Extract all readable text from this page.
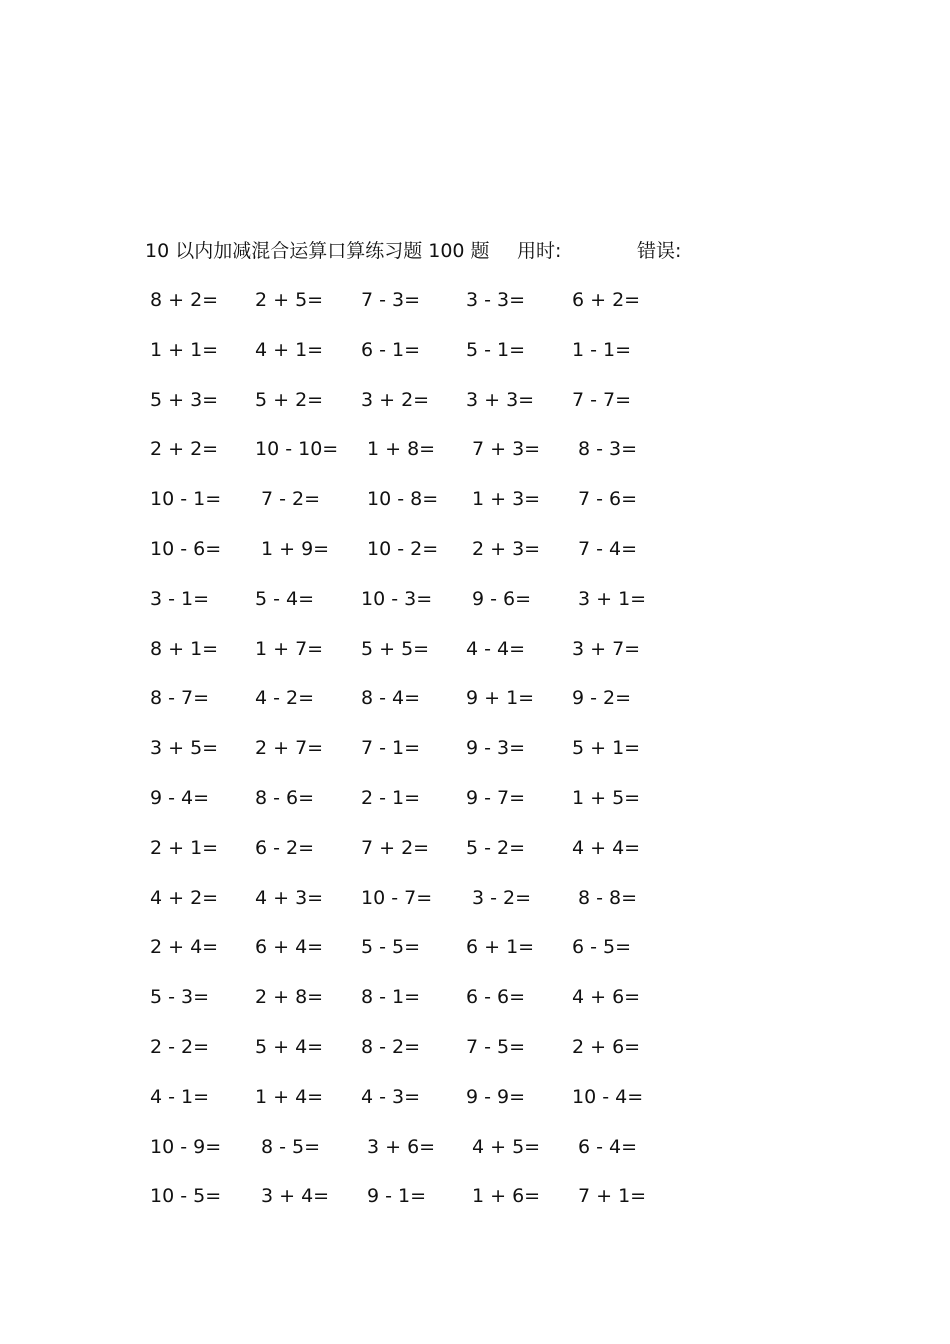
10 以内加减混合运算口算练习题 100 题 用时:	错误:
8 + 2= 2 + 5= 7 - 3= 3 - 3= 6 + 2=
1 + 1= 4 + 1= 6 - 1= 5 - 1= 1 - 1=
5 + 3= 5 + 2= 3 + 2= 3 + 3= 7 - 7=
2 + 2= 10 - 10= 1 + 8= 7 + 3= 8 - 3=
10 - 1= 7 - 2= 10 - 8= 1 + 3= 7 - 6=
10 - 6= 1 + 9= 10 - 2= 2 + 3= 7 - 4=
3 - 1= 5 - 4= 10 - 3= 9 - 6= 3 + 1=
8 + 1= 1 + 7= 5 + 5= 4 - 4= 3 + 7=
8 - 7= 4 - 2= 8 - 4= 9 + 1= 9 - 2=
3 + 5= 2 + 7= 7 - 1= 9 - 3= 5 + 1=
9 - 4= 8 - 6= 2 - 1= 9 - 7= 1 + 5=
2 + 1= 6 - 2= 7 + 2= 5 - 2= 4 + 4=
4 + 2= 4 + 3= 10 - 7= 3 - 2= 8 - 8=
2 + 4= 6 + 4= 5 - 5= 6 + 1= 6 - 5=
5 - 3= 2 + 8= 8 - 1= 6 - 6= 4 + 6=
2 - 2= 5 + 4= 8 - 2= 7 - 5= 2 + 6=
4 - 1= 1 + 4= 4 - 3= 9 - 9= 10 - 4=
10 - 9= 8 - 5= 3 + 6= 4 + 5= 6 - 4=
10 - 5= 3 + 4= 9 - 1= 1 + 6= 7 + 1=
